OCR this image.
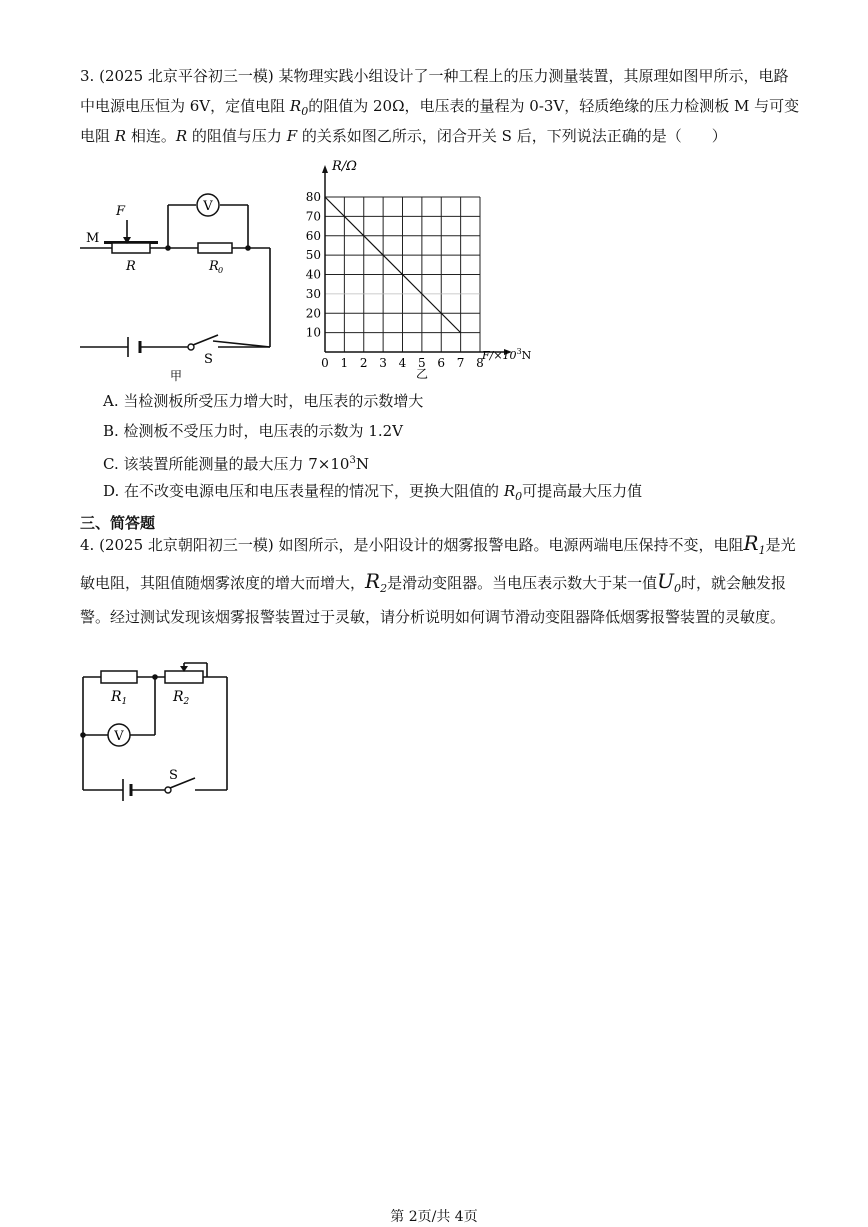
3. (2025 北京平谷初三一模) 某物理实践小组设计了一种工程上的压力测量装置，其原理如图甲所示，电路
中电源电压恒为 6V，定值电阻 $R_0$的阻值为 20Ω，电压表的量程为 0-3V，轻质绝缘的压力检测板 M 与可变
电阻 R 相连。R 的阻值与压力 F 的关系如图乙所示，闭合开关 S 后，下列说法正确的是（　　）
V
F
M
R	R 0
S
甲
0 1 2 3 4 5 6 7 8
10
20
30
40
50
60
70
80
R/Ω
$F/\times 10^3N$
乙
A. 当检测板所受压力增大时，电压表的示数增大
B. 检测板不受压力时，电压表的示数为 1.2V
C. 该装置所能测量的最大压力 $7\times 10^3N$
D. 在不改变电源电压和电压表量程的情况下，更换大阻值的 $R_0$可提高最大压力值
三、简答题
4. (2025 北京朝阳初三一模) 如图所示，是小阳设计的烟雾报警电路。电源两端电压保持不变，电阻$R_1$是光
敏电阻，其阻值随烟雾浓度的增大而增大，$R_2$是滑动变阻器。当电压表示数大于某一值$U_0$时，就会触发报
警。经过测试发现该烟雾报警装置过于灵敏，请分析说明如何调节滑动变阻器降低烟雾报警装置的灵敏度。
V
$R_1$	$R_2$
S
第 2页/共 4页
